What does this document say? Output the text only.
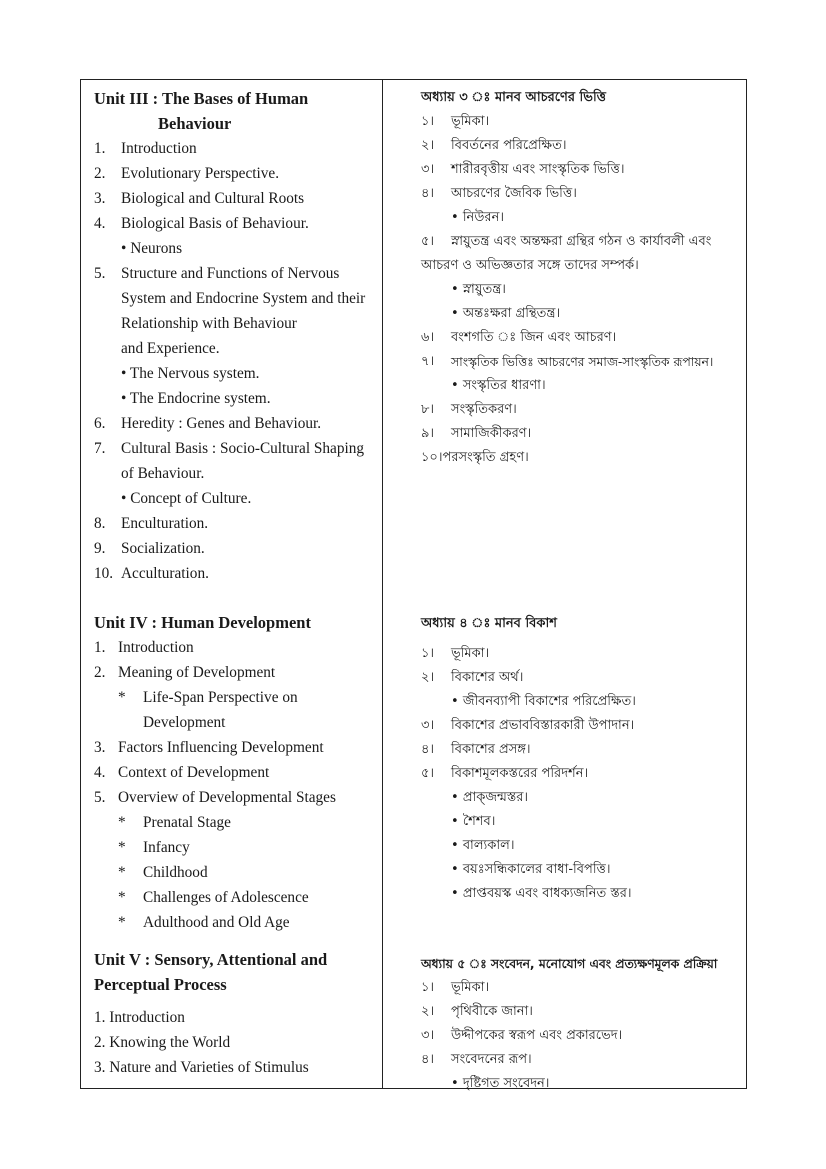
Unit III : The Bases of Human
Behaviour
1.	Introduction
2.	Evolutionary Perspective.
3.	Biological and Cultural Roots
4.	Biological Basis of Behaviour.
• Neurons
5.	Structure and Functions of Nervous System and Endocrine System and their Relationship with Behaviour
and Experience.
• The Nervous system.
• The Endocrine system.
6.	Heredity : Genes and Behaviour.
7.	Cultural Basis : Socio-Cultural Shaping of Behaviour.
• Concept of Culture.
8.	Enculturation.
9.	Socialization.
10. Acculturation.
Unit IV : Human Development
1. Introduction
2. Meaning of Development
*	Life-Span Perspective on Development
3. Factors Influencing Development
4. Context of Development
5. Overview of Developmental Stages
*	Prenatal Stage
*	Infancy
*	Childhood
*	Challenges of Adolescence
*	Adulthood and Old Age
Unit V : Sensory, Attentional and
Perceptual Process
1. Introduction
2. Knowing the World
3. Nature and Varieties of Stimulus
অধ্যায় ৩ ঃ মানব আচরণের ভিত্তি
১।	ভূমিকা।
২।	বিবর্তনের পরিপ্রেক্ষিত।
৩।	শারীরবৃত্তীয় এবং সাংস্কৃতিক ভিত্তি।
৪।	আচরণের জৈবিক ভিত্তি।
• নিউরন।
৫।	স্নায়ুতন্ত্র এবং অন্তক্ষরা গ্রন্থির গঠন ও কার্যাবলী এবং
আচরণ ও অভিজ্ঞতার সঙ্গে তাদের সম্পর্ক।
• স্নায়ুতন্ত্র।
• অন্তঃক্ষরা গ্রন্থিতন্ত্র।
৬।	বংশগতি ঃ জিন এবং আচরণ।
৭।	সাংস্কৃতিক ভিত্তিঃ আচরণের সমাজ-সাংস্কৃতিক রূপায়ন।
• সংস্কৃতির ধারণা।
৮।	সংস্কৃতিকরণ।
৯।	সামাজিকীকরণ।
১০। পরসংস্কৃতি গ্রহণ।
অধ্যায় ৪ ঃ মানব বিকাশ
১।	ভূমিকা।
২।	বিকাশের অর্থ।
• জীবনব্যাপী বিকাশের পরিপ্রেক্ষিত।
৩।	বিকাশের প্রভাববিস্তারকারী উপাদান।
৪।	বিকাশের প্রসঙ্গ।
৫।	বিকাশমূলকস্তরের পরিদর্শন।
• প্রাক্‌জন্মস্তর।
• শৈশব।
• বাল্যকাল।
• বয়ঃসন্ধিকালের বাধা-বিপত্তি।
• প্রাপ্তবয়স্ক এবং বাধক্যজনিত স্তর।
অধ্যায় ৫ ঃ সংবেদন, মনোযোগ এবং প্রত্যক্ষণমূলক প্রক্রিয়া
১।	ভূমিকা।
২।	পৃথিবীকে জানা।
৩।	উদ্দীপকের স্বরূপ এবং প্রকারভেদ।
৪।	সংবেদনের রূপ।
• দৃষ্টিগত সংবেদন।
